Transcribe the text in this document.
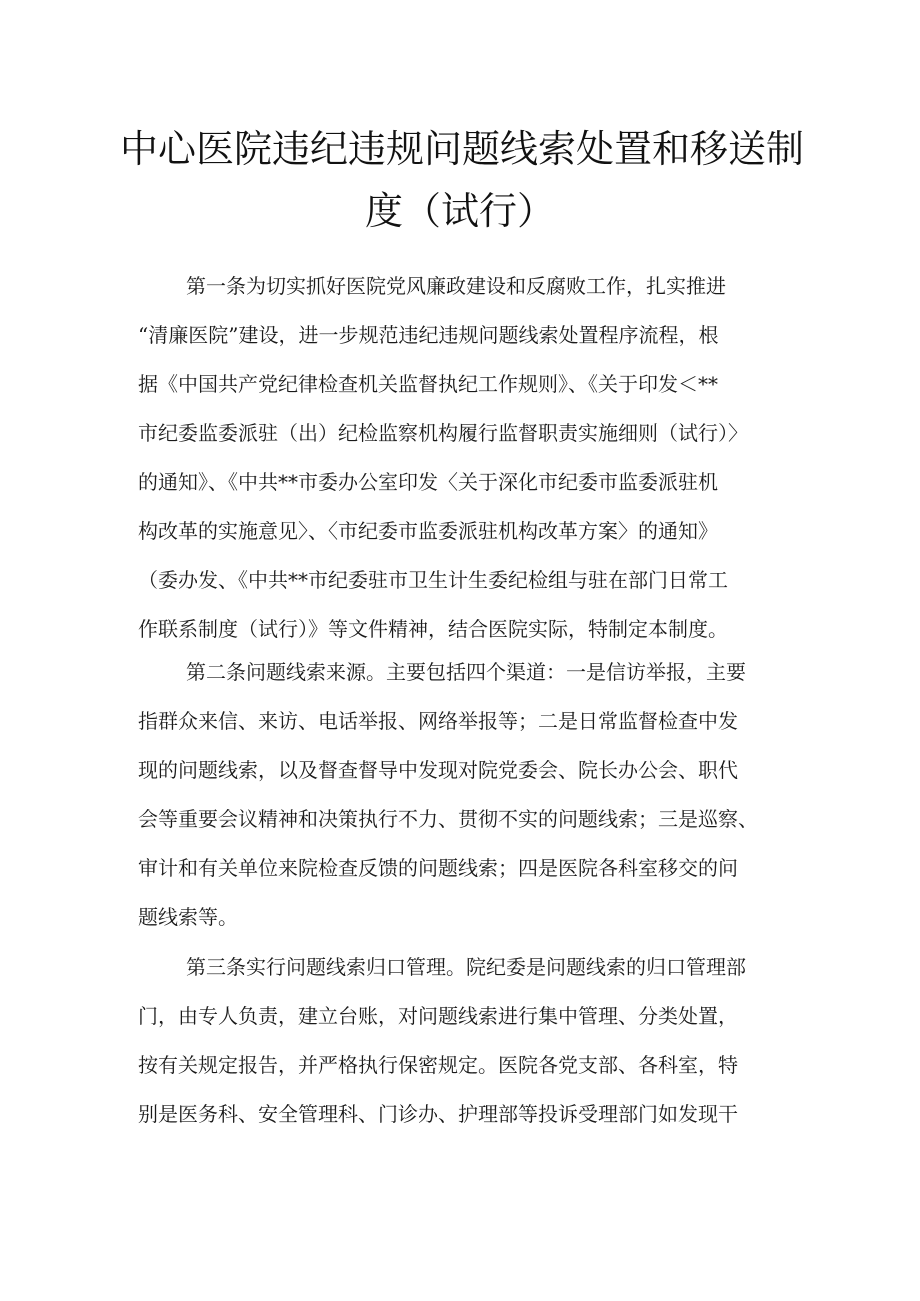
中心医院违纪违规问题线索处置和移送制
度（试行）
第一条为切实抓好医院党风廉政建设和反腐败工作，扎实推进
“清廉医院”建设，进一步规范违纪违规问题线索处置程序流程，根
据《中国共产党纪律检查机关监督执纪工作规则》、《关于印发＜**
市纪委监委派驻（出）纪检监察机构履行监督职责实施细则（试行）〉
的通知》、《中共**市委办公室印发〈关于深化市纪委市监委派驻机
构改革的实施意见〉、〈市纪委市监委派驻机构改革方案〉的通知》
（委办发、《中共**市纪委驻市卫生计生委纪检组与驻在部门日常工
作联系制度（试行）》等文件精神，结合医院实际，特制定本制度。
第二条问题线索来源。主要包括四个渠道：一是信访举报，主要
指群众来信、来访、电话举报、网络举报等；二是日常监督检查中发
现的问题线索，以及督查督导中发现对院党委会、院长办公会、职代
会等重要会议精神和决策执行不力、贯彻不实的问题线索；三是巡察、
审计和有关单位来院检查反馈的问题线索；四是医院各科室移交的问
题线索等。
第三条实行问题线索归口管理。院纪委是问题线索的归口管理部
门，由专人负责，建立台账，对问题线索进行集中管理、分类处置，
按有关规定报告，并严格执行保密规定。医院各党支部、各科室，特
别是医务科、安全管理科、门诊办、护理部等投诉受理部门如发现干
